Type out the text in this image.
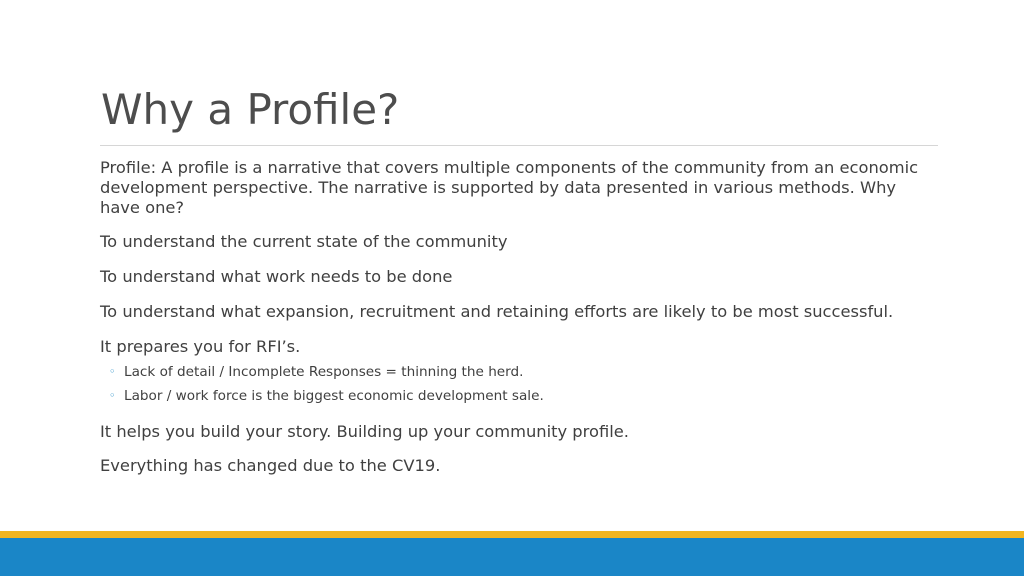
Why a Profile?

Profile: A profile is a narrative that covers multiple components of the community from an economic development perspective. The narrative is supported by data presented in various methods. Why have one?

To understand the current state of the community

To understand what work needs to be done

To understand what expansion, recruitment and retaining efforts are likely to be most successful.

It prepares you for RFI’s.

◦ Lack of detail / Incomplete Responses = thinning the herd.
◦ Labor / work force is the biggest economic development sale.

It helps you build your story. Building up your community profile.

Everything has changed due to the CV19.
